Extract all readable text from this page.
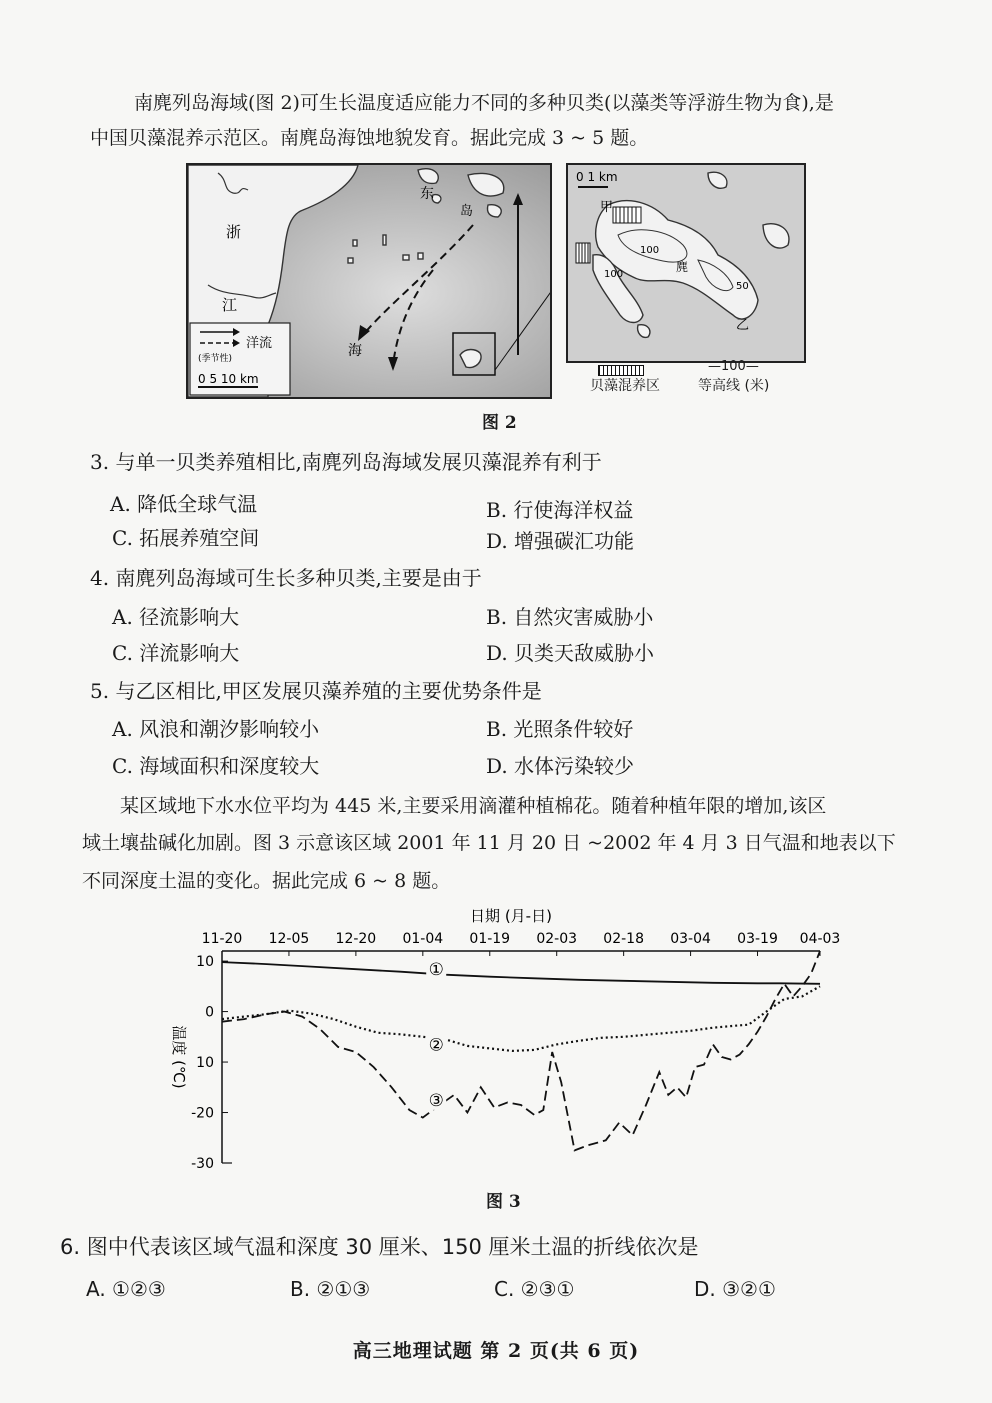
南麂列岛海域(图 2)可生长温度适应能力不同的多种贝类(以藻类等浮游生物为食),是
中国贝藻混养示范区。南麂岛海蚀地貌发育。据此完成 3 ~ 5 题。
浙
江
东
岛
海
洋流
(季节性)
0 5 10 km
0 1 km
甲
乙
麂
100
100
50
贝藻混养区
—100—
等高线 (米)
图 2
3. 与单一贝类养殖相比,南麂列岛海域发展贝藻混养有利于
A. 降低全球气温	B. 行使海洋权益
C. 拓展养殖空间	D. 增强碳汇功能
4. 南麂列岛海域可生长多种贝类,主要是由于
A. 径流影响大	B. 自然灾害威胁小
C. 洋流影响大	D. 贝类天敌威胁小
5. 与乙区相比,甲区发展贝藻养殖的主要优势条件是
A. 风浪和潮汐影响较小	B. 光照条件较好
C. 海域面积和深度较大	D. 水体污染较少
某区域地下水水位平均为 445 米,主要采用滴灌种植棉花。随着种植年限的增加,该区
域土壤盐碱化加剧。图 3 示意该区域 2001 年 11 月 20 日 ~2002 年 4 月 3 日气温和地表以下
不同深度土温的变化。据此完成 6 ~ 8 题。
日期 (月-日)
11-20 12-05 12-20 01-04 01-19 02-03 02-18 03-04 03-19 04-03
10
0
10
-20
-30
温度 (℃)
①
②
③
图 3
6. 图中代表该区域气温和深度 30 厘米、150 厘米土温的折线依次是
A. ①②③	B. ②①③	C. ②③①	D. ③②①
高三地理试题 第 2 页(共 6 页)
